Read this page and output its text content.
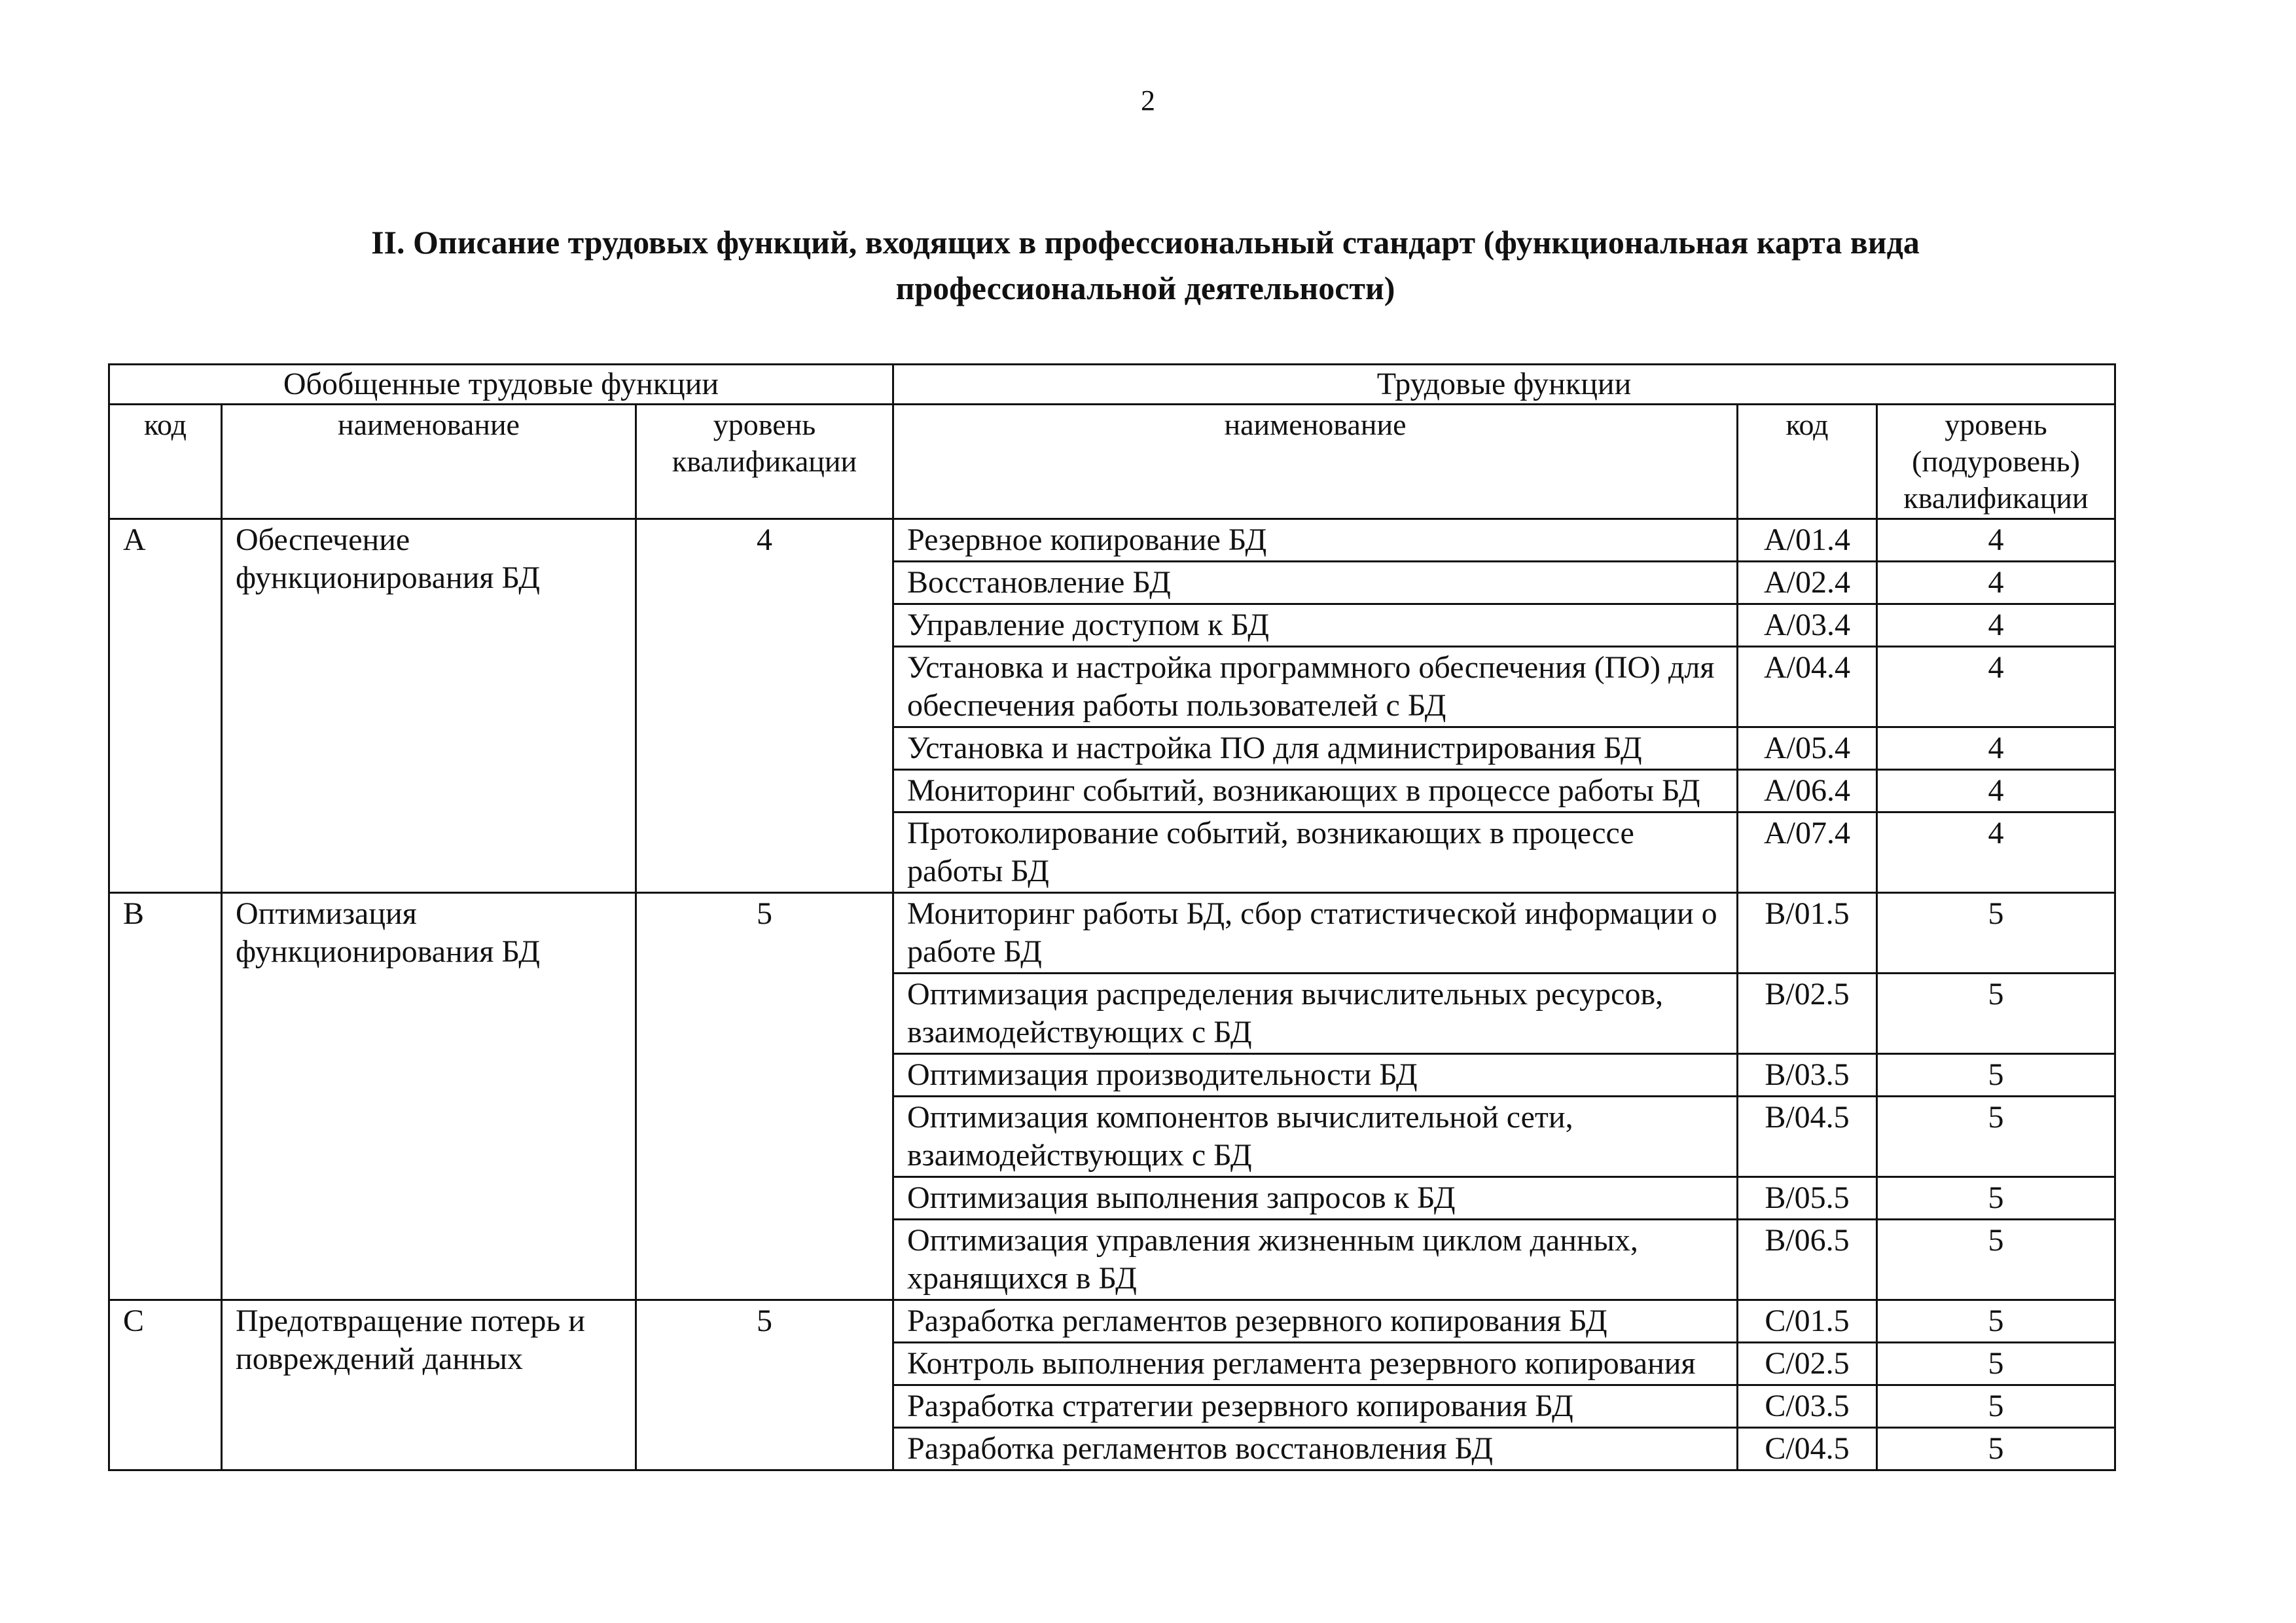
2
II. Описание трудовых функций, входящих в профессиональный стандарт (функциональная карта вида
профессиональной деятельности)
Обобщенные трудовые функции			Трудовые функции		
код	наименование	уровень квалификации	наименование	код	уровень (подуровень) квалификации
A	Обеспечение функционирования БД	4	Резервное копирование БД	A/01.4	4
			Восстановление БД	A/02.4	4
			Управление доступом к БД	A/03.4	4
			Установка и настройка программного обеспечения (ПО) для обеспечения работы пользователей с БД	A/04.4	4
			Установка и настройка ПО для администрирования БД	A/05.4	4
			Мониторинг событий, возникающих в процессе работы БД	A/06.4	4
			Протоколирование событий, возникающих в процессе работы БД	A/07.4	4
B	Оптимизация функционирования БД	5	Мониторинг работы БД, сбор статистической информации о работе БД	B/01.5	5
			Оптимизация распределения вычислительных ресурсов, взаимодействующих с БД	B/02.5	5
			Оптимизация производительности БД	B/03.5	5
			Оптимизация компонентов вычислительной сети, взаимодействующих с БД	B/04.5	5
			Оптимизация выполнения запросов к БД	B/05.5	5
			Оптимизация управления жизненным циклом данных, хранящихся в БД	B/06.5	5
C	Предотвращение потерь и повреждений данных	5	Разработка регламентов резервного копирования БД	C/01.5	5
			Контроль выполнения регламента резервного копирования	C/02.5	5
			Разработка стратегии резервного копирования БД	C/03.5	5
			Разработка регламентов восстановления БД	C/04.5	5
